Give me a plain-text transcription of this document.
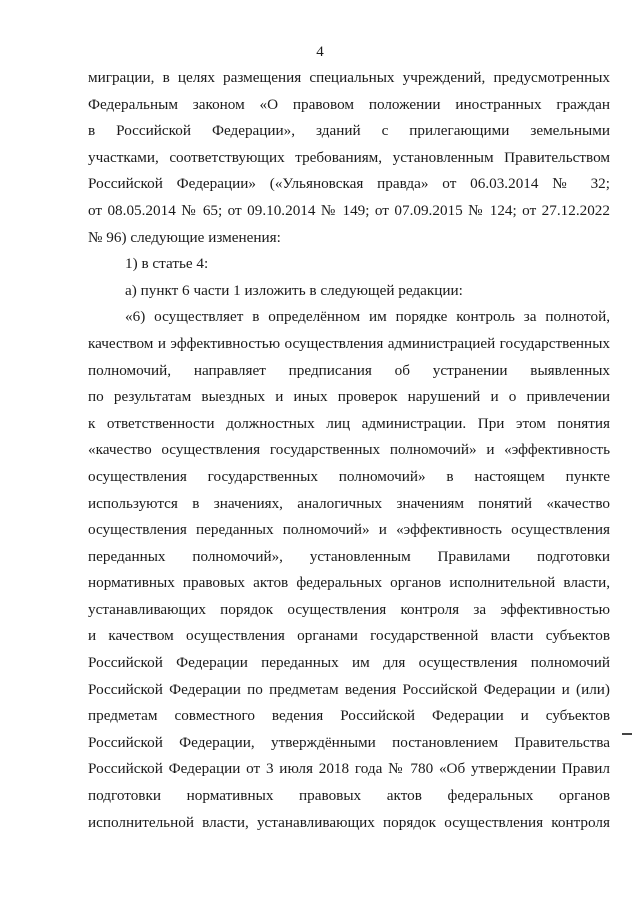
4
миграции, в целях размещения специальных учреждений, предусмотренных
Федеральным законом «О правовом положении иностранных граждан
в Российской Федерации», зданий с прилегающими земельными
участками, соответствующих требованиям, установленным Правительством
Российской Федерации» («Ульяновская правда» от 06.03.2014 № 32;
от 08.05.2014 № 65; от 09.10.2014 № 149; от 07.09.2015 № 124; от 27.12.2022
№ 96) следующие изменения:
1) в статье 4:
а) пункт 6 части 1 изложить в следующей редакции:
«6) осуществляет в определённом им порядке контроль за полнотой,
качеством и эффективностью осуществления администрацией государственных
полномочий, направляет предписания об устранении выявленных
по результатам выездных и иных проверок нарушений и о привлечении
к ответственности должностных лиц администрации. При этом понятия
«качество осуществления государственных полномочий» и «эффективность
осуществления государственных полномочий» в настоящем пункте
используются в значениях, аналогичных значениям понятий «качество
осуществления переданных полномочий» и «эффективность осуществления
переданных полномочий», установленным Правилами подготовки
нормативных правовых актов федеральных органов исполнительной власти,
устанавливающих порядок осуществления контроля за эффективностью
и качеством осуществления органами государственной власти субъектов
Российской Федерации переданных им для осуществления полномочий
Российской Федерации по предметам ведения Российской Федерации и (или)
предметам совместного ведения Российской Федерации и субъектов
Российской Федерации, утверждёнными постановлением Правительства
Российской Федерации от 3 июля 2018 года № 780 «Об утверждении Правил
подготовки нормативных правовых актов федеральных органов
исполнительной власти, устанавливающих порядок осуществления контроля
